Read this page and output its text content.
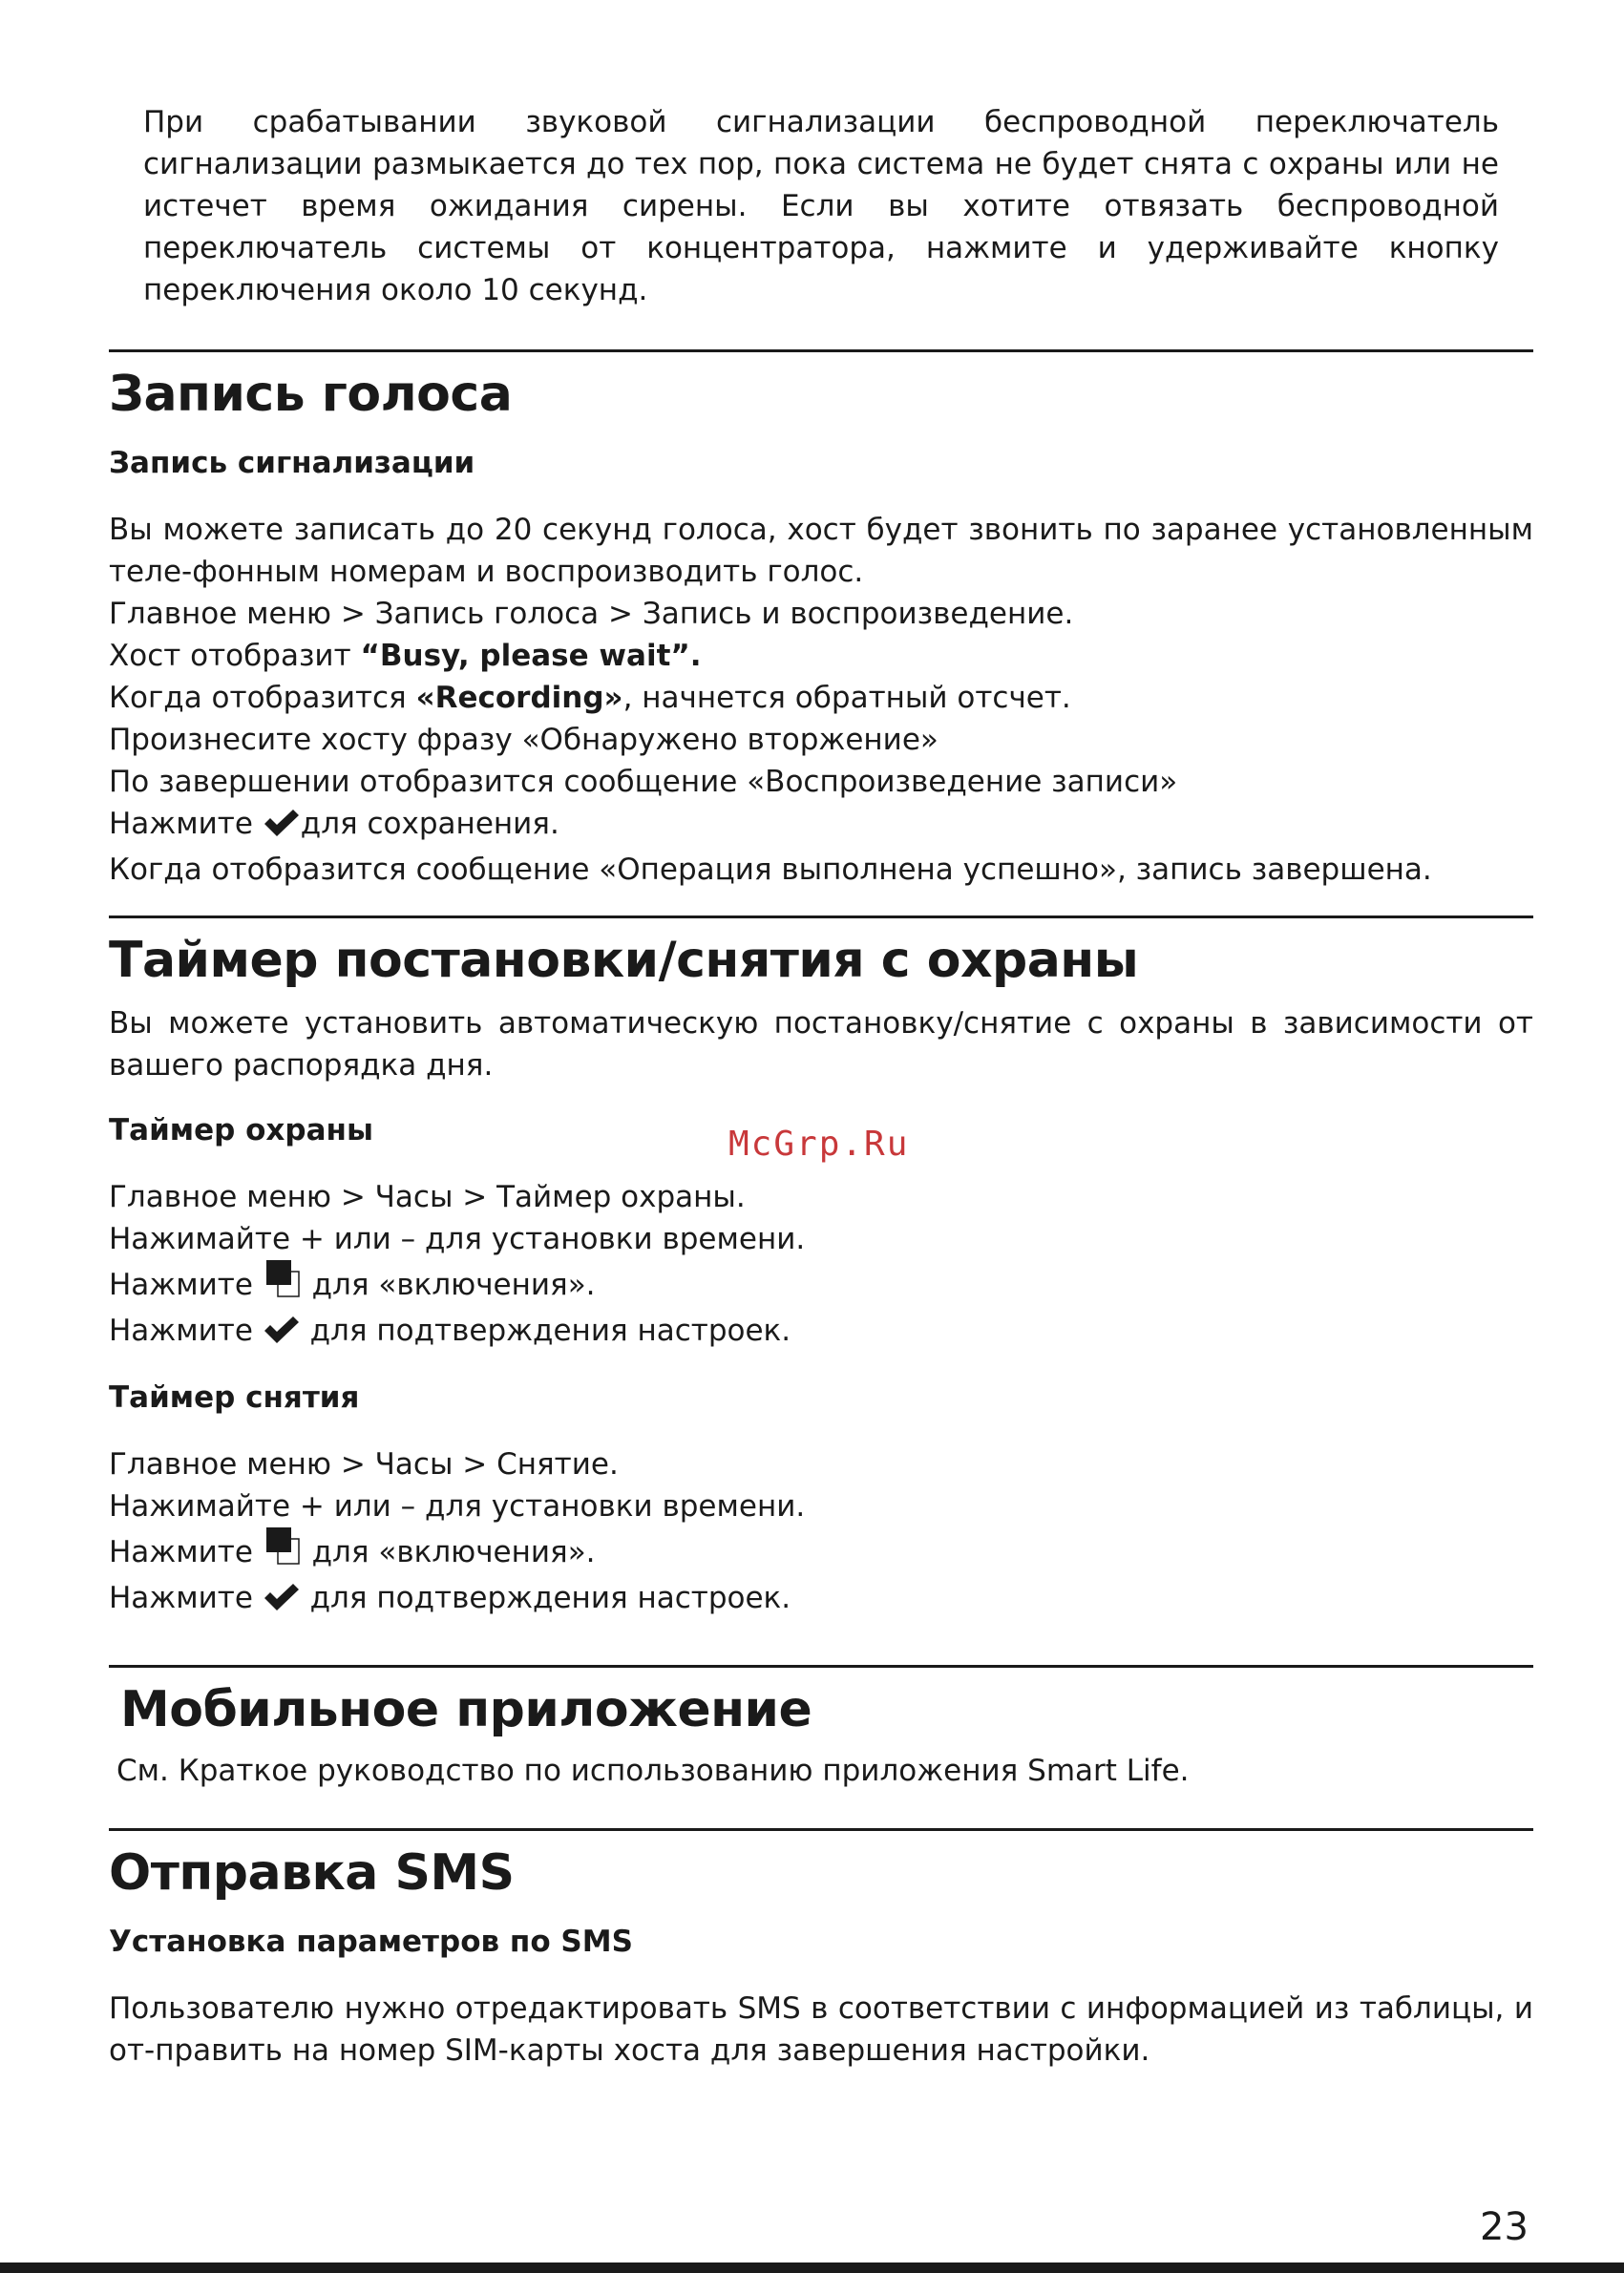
При срабатывании звуковой сигнализации беспроводной переключатель сигнализации размыкается до тех пор, пока система не будет снята с охраны или не истечет время ожидания сирены. Если вы хотите отвязать беспроводной переключатель системы от концентратора, нажмите и удерживайте кнопку переключения около 10 секунд.

Запись голоса
Запись сигнализации

Вы можете записать до 20 секунд голоса, хост будет звонить по заранее установленным теле-фонным номерам и воспроизводить голос.

Главное меню > Запись голоса > Запись и воспроизведение.

Хост отобразит “Busy, please wait”.

Когда отобразится «Recording», начнется обратный отсчет.

Произнесите хосту фразу «Обнаружено вторжение»

По завершении отобразится сообщение «Воспроизведение записи»

Нажмите для сохранения.

Когда отобразится сообщение «Операция выполнена успешно», запись завершена.

Таймер постановки/снятия с охраны

Вы можете установить автоматическую постановку/снятие с охраны в зависимости от вашего распорядка дня.

Таймер охраны

Главное меню > Часы > Таймер охраны.

Нажимайте + или – для установки времени.

Нажмите  для «включения».

Нажмите  для подтверждения настроек.

Таймер снятия

Главное меню > Часы > Снятие.

Нажимайте + или – для установки времени.

Нажмите  для «включения».

Нажмите  для подтверждения настроек.

Мобильное приложение

См. Краткое руководство по использованию приложения Smart Life.

Отправка SMS
Установка параметров по SMS

Пользователю нужно отредактировать SMS в соответствии с информацией из таблицы, и от-править на номер SIM-карты хоста для завершения настройки.

McGrp.Ru
23
